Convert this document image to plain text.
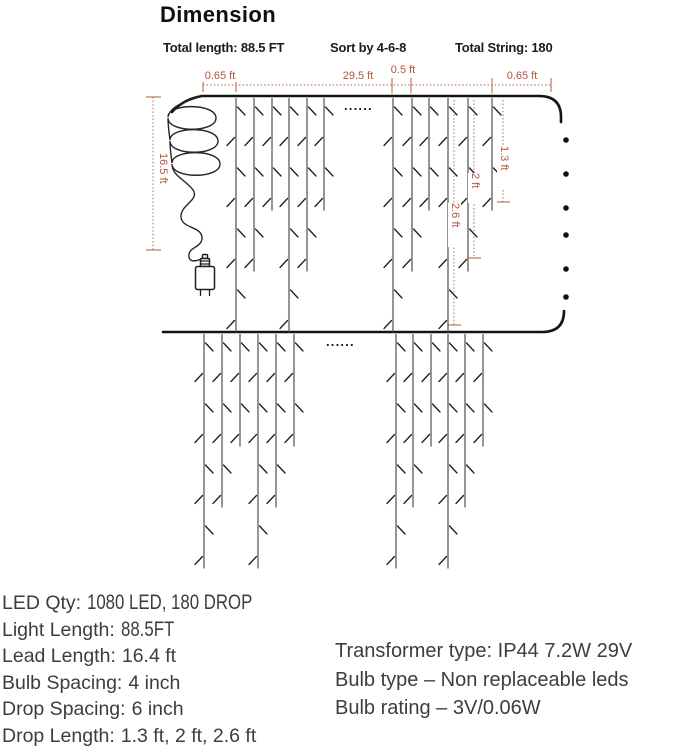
Dimension
Total length: 88.5 FT	Sort by 4-6-8	Total String: 180
0.65 ft	29.5 ft	0.5 ft	0.65 ft
16.5 ft	1.3 ft
2 ft
2.6 ft
......
......
LED Qty: 1080 LED, 180 DROP
Light Length: 88.5FT
Lead Length: 16.4 ft
Bulb Spacing: 4 inch
Drop Spacing: 6 inch
Drop Length: 1.3 ft, 2 ft, 2.6 ft
Transformer type: IP44 7.2W 29V
Bulb type – Non replaceable leds
Bulb rating – 3V/0.06W
